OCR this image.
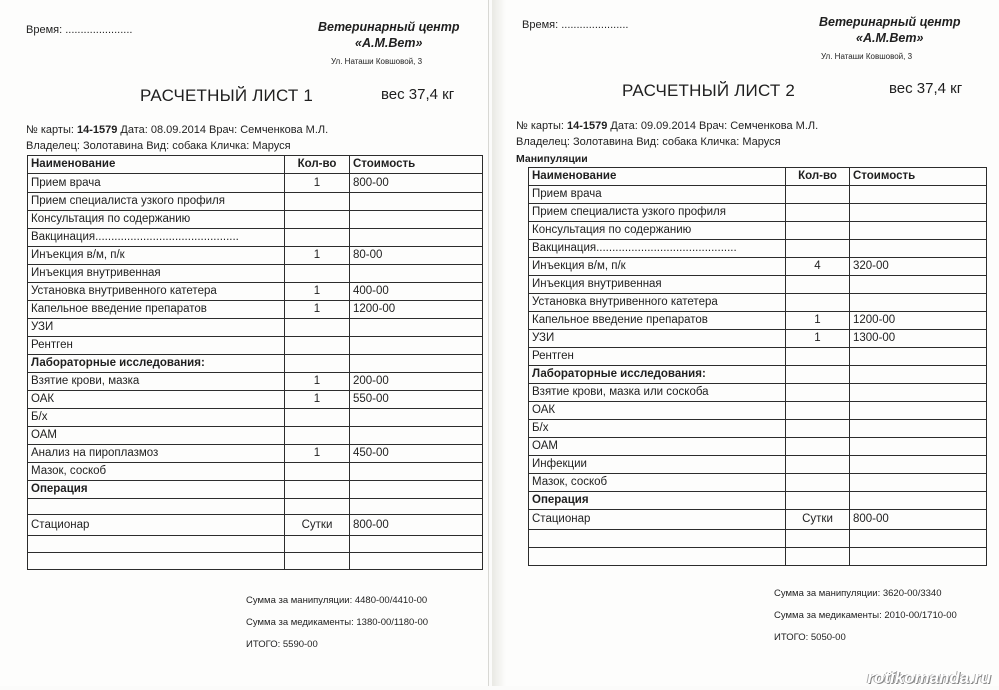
Время: ......................	Ветеринарный центр
«А.М.Вет»
Ул. Наташи Ковшовой, 3
РАСЧЕТНЫЙ ЛИСТ 1	вес 37,4 кг
№ карты: 14-1579 Дата: 08.09.2014 Врач: Семченкова М.Л.
Владелец: Золотавина Вид: собака Кличка: Маруся
Наименование	Кол-во	Стоимость
Прием врача	1	800-00
Прием специалиста узкого профиля		
Консультация по содержанию		
Вакцинация.............................................		
Инъекция в/м, п/к	1	80-00
Инъекция внутривенная		
Установка внутривенного катетера	1	400-00
Капельное введение препаратов	1	1200-00
УЗИ		
Рентген		
Лабораторные исследования:		
Взятие крови, мазка	1	200-00
ОАК	1	550-00
Б/х		
ОАМ		
Анализ на пироплазмоз	1	450-00
Мазок, соскоб		
Операция		

Стационар	Сутки	800-00

Сумма за манипуляции: 4480-00/4410-00
Сумма за медикаменты: 1380-00/1180-00
ИТОГО: 5590-00
Время: ......................	Ветеринарный центр
«А.М.Вет»
Ул. Наташи Ковшовой, 3
РАСЧЕТНЫЙ ЛИСТ 2	вес 37,4 кг
№ карты: 14-1579 Дата: 09.09.2014 Врач: Семченкова М.Л.
Владелец: Золотавина Вид: собака Кличка: Маруся
Манипуляции
Наименование	Кол-во	Стоимость
Прием врача		
Прием специалиста узкого профиля		
Консультация по содержанию		
Вакцинация............................................		
Инъекция в/м, п/к	4	320-00
Инъекция внутривенная		
Установка внутривенного катетера		
Капельное введение препаратов	1	1200-00
УЗИ	1	1300-00
Рентген		
Лабораторные исследования:		
Взятие крови, мазка или соскоба		
ОАК		
Б/х		
ОАМ		
Инфекции		
Мазок, соскоб		
Операция		
Стационар	Сутки	800-00

Сумма за манипуляции: 3620-00/3340
Сумма за медикаменты: 2010-00/1710-00
ИТОГО: 5050-00
rotikomanda.ru
